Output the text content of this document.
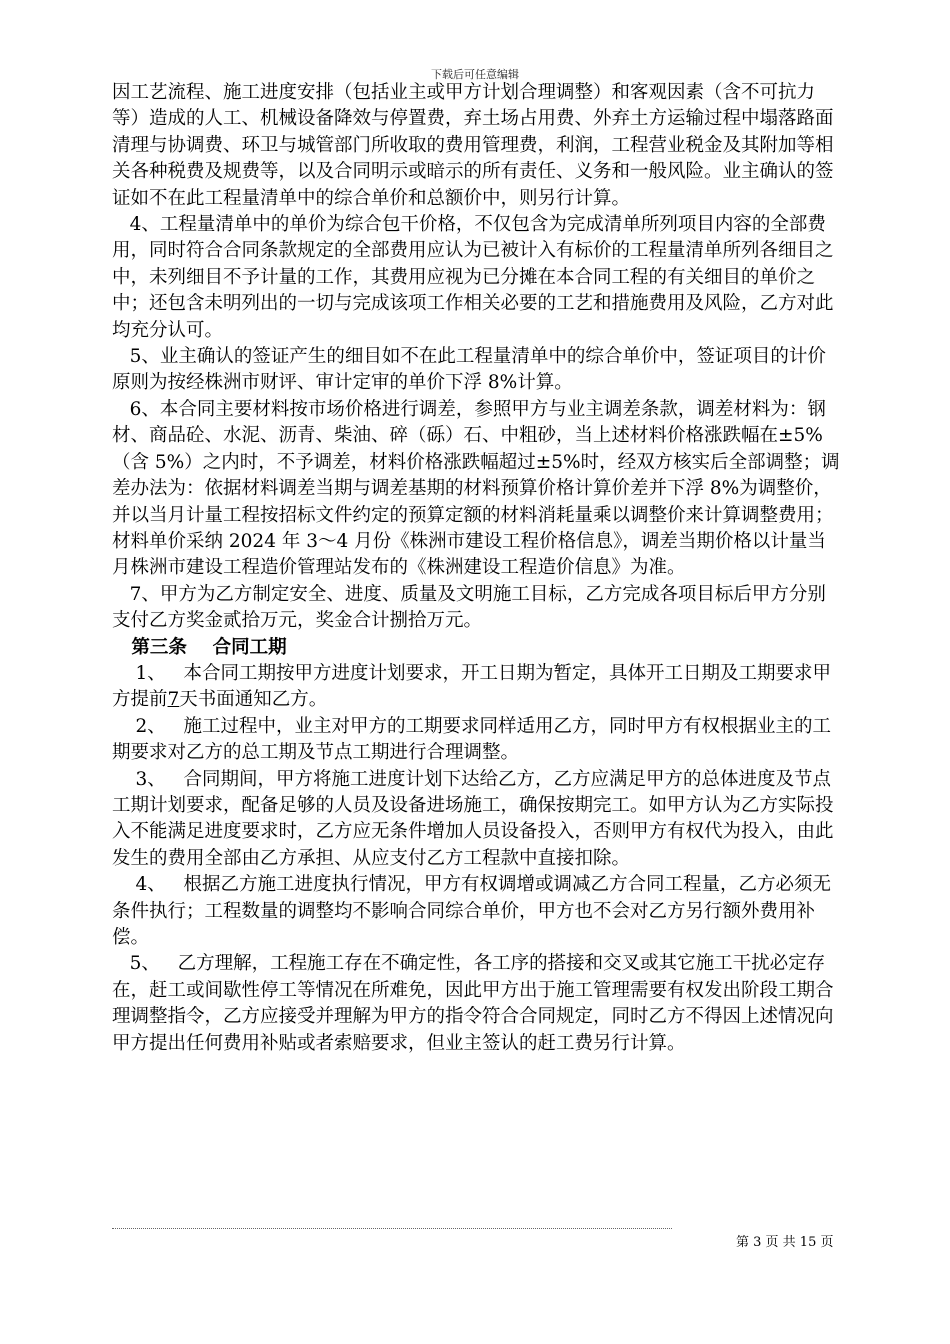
下载后可任意编辑

因工艺流程、施工进度安排（包括业主或甲方计划合理调整）和客观因素（含不可抗力等）造成的人工、机械设备降效与停置费，弃土场占用费、外弃土方运输过程中塌落路面清理与协调费、环卫与城管部门所收取的费用管理费，利润，工程营业税金及其附加等相关各种税费及规费等，以及合同明示或暗示的所有责任、义务和一般风险。业主确认的签证如不在此工程量清单中的综合单价和总额价中，则另行计算。

4、工程量清单中的单价为综合包干价格，不仅包含为完成清单所列项目内容的全部费用，同时符合合同条款规定的全部费用应认为已被计入有标价的工程量清单所列各细目之中，未列细目不予计量的工作，其费用应视为已分摊在本合同工程的有关细目的单价之中；还包含未明列出的一切与完成该项工作相关必要的工艺和措施费用及风险，乙方对此均充分认可。

5、业主确认的签证产生的细目如不在此工程量清单中的综合单价中，签证项目的计价原则为按经株洲市财评、审计定审的单价下浮 8%计算。

6、本合同主要材料按市场价格进行调差，参照甲方与业主调差条款，调差材料为：钢材、商品砼、水泥、沥青、柴油、碎（砾）石、中粗砂，当上述材料价格涨跌幅在±5%（含 5%）之内时，不予调差，材料价格涨跌幅超过±5%时，经双方核实后全部调整；调差办法为：依据材料调差当期与调差基期的材料预算价格计算价差并下浮 8%为调整价，并以当月计量工程按招标文件约定的预算定额的材料消耗量乘以调整价来计算调整费用；材料单价采纳 2024 年 3～4 月份《株洲市建设工程价格信息》，调差当期价格以计量当月株洲市建设工程造价管理站发布的《株洲建设工程造价信息》为准。

7、甲方为乙方制定安全、进度、质量及文明施工目标，乙方完成各项目标后甲方分别支付乙方奖金贰拾万元，奖金合计捌拾万元。

第三条    合同工期

1、   本合同工期按甲方进度计划要求，开工日期为暂定，具体开工日期及工期要求甲方提前7天书面通知乙方。

2、   施工过程中，业主对甲方的工期要求同样适用乙方，同时甲方有权根据业主的工期要求对乙方的总工期及节点工期进行合理调整。

3、   合同期间，甲方将施工进度计划下达给乙方，乙方应满足甲方的总体进度及节点工期计划要求，配备足够的人员及设备进场施工，确保按期完工。如甲方认为乙方实际投入不能满足进度要求时，乙方应无条件增加人员设备投入，否则甲方有权代为投入，由此发生的费用全部由乙方承担、从应支付乙方工程款中直接扣除。

4、   根据乙方施工进度执行情况，甲方有权调增或调减乙方合同工程量，乙方必须无条件执行；工程数量的调整均不影响合同综合单价，甲方也不会对乙方另行额外费用补偿。

5、   乙方理解，工程施工存在不确定性，各工序的搭接和交叉或其它施工干扰必定存在，赶工或间歇性停工等情况在所难免，因此甲方出于施工管理需要有权发出阶段工期合理调整指令，乙方应接受并理解为甲方的指令符合合同规定，同时乙方不得因上述情况向甲方提出任何费用补贴或者索赔要求，但业主签认的赶工费另行计算。

第 3 页 共 15 页
